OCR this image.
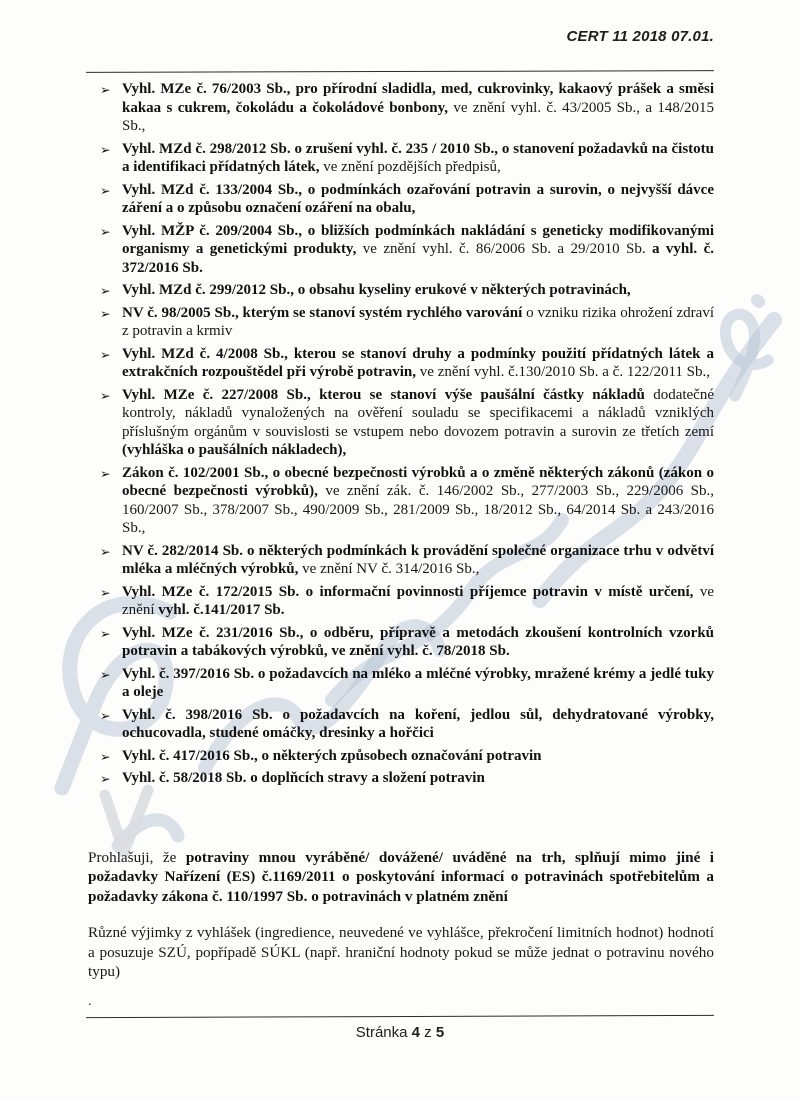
CERT 11 2018 07.01.
➢ Vyhl. MZe č. 76/2003 Sb., pro přírodní sladidla, med, cukrovinky, kakaový prášek a směsi kakaa s cukrem, čokoládu a čokoládové bonbony, ve znění vyhl. č. 43/2005 Sb., a 148/2015 Sb.,
➢ Vyhl. MZd č. 298/2012 Sb. o zrušení vyhl. č. 235 / 2010 Sb., o stanovení požadavků na čistotu a identifikaci přídatných látek, ve znění pozdějších předpisů,
➢ Vyhl. MZd č. 133/2004 Sb., o podmínkách ozařování potravin a surovin, o nejvyšší dávce záření a o způsobu označení ozáření na obalu,
➢ Vyhl. MŽP č. 209/2004 Sb., o bližších podmínkách nakládání s geneticky modifikovanými organismy a genetickými produkty, ve znění vyhl. č. 86/2006 Sb. a 29/2010 Sb. a vyhl. č. 372/2016 Sb.
➢ Vyhl. MZd č. 299/2012 Sb., o obsahu kyseliny erukové v některých potravinách,
➢ NV č. 98/2005 Sb., kterým se stanoví systém rychlého varování o vzniku rizika ohrožení zdraví z potravin a krmiv
➢ Vyhl. MZd č. 4/2008 Sb., kterou se stanoví druhy a podmínky použití přídatných látek a extrakčních rozpouštědel při výrobě potravin, ve znění vyhl. č.130/2010 Sb. a č. 122/2011 Sb.,
➢ Vyhl. MZe č. 227/2008 Sb., kterou se stanoví výše paušální částky nákladů dodatečné kontroly, nákladů vynaložených na ověření souladu se specifikacemi a nákladů vzniklých příslušným orgánům v souvislosti se vstupem nebo dovozem potravin a surovin ze třetích zemí (vyhláška o paušálních nákladech),
➢ Zákon č. 102/2001 Sb., o obecné bezpečnosti výrobků a o změně některých zákonů (zákon o obecné bezpečnosti výrobků), ve znění zák. č. 146/2002 Sb., 277/2003 Sb., 229/2006 Sb., 160/2007 Sb., 378/2007 Sb., 490/2009 Sb., 281/2009 Sb., 18/2012 Sb., 64/2014 Sb. a 243/2016 Sb.,
➢ NV č. 282/2014 Sb. o některých podmínkách k provádění společné organizace trhu v odvětví mléka a mléčných výrobků, ve znění NV č. 314/2016 Sb.,
➢ Vyhl. MZe č. 172/2015 Sb. o informační povinnosti příjemce potravin v místě určení, ve znění vyhl. č.141/2017 Sb.
➢ Vyhl. MZe č. 231/2016 Sb., o odběru, přípravě a metodách zkoušení kontrolních vzorků potravin a tabákových výrobků, ve znění vyhl. č. 78/2018 Sb.
➢ Vyhl. č. 397/2016 Sb. o požadavcích na mléko a mléčné výrobky, mražené krémy a jedlé tuky a oleje
➢ Vyhl. č. 398/2016 Sb. o požadavcích na koření, jedlou sůl, dehydratované výrobky, ochucovadla, studené omáčky, dresinky a hořčici
➢ Vyhl. č. 417/2016 Sb., o některých způsobech označování potravin
➢ Vyhl. č. 58/2018 Sb. o doplňcích stravy a složení potravin

Prohlašuji, že potraviny mnou vyráběné/ dovážené/ uváděné na trh, splňují mimo jiné i požadavky Nařízení (ES) č.1169/2011 o poskytování informací o potravinách spotřebitelům a požadavky zákona č. 110/1997 Sb. o potravinách v platném znění

Různé výjimky z vyhlášek (ingredience, neuvedené ve vyhlášce, překročení limitních hodnot) hodnotí a posuzuje SZÚ, popřípadě SÚKL (např. hraniční hodnoty pokud se může jednat o potravinu nového typu)

.
Stránka 4 z 5
